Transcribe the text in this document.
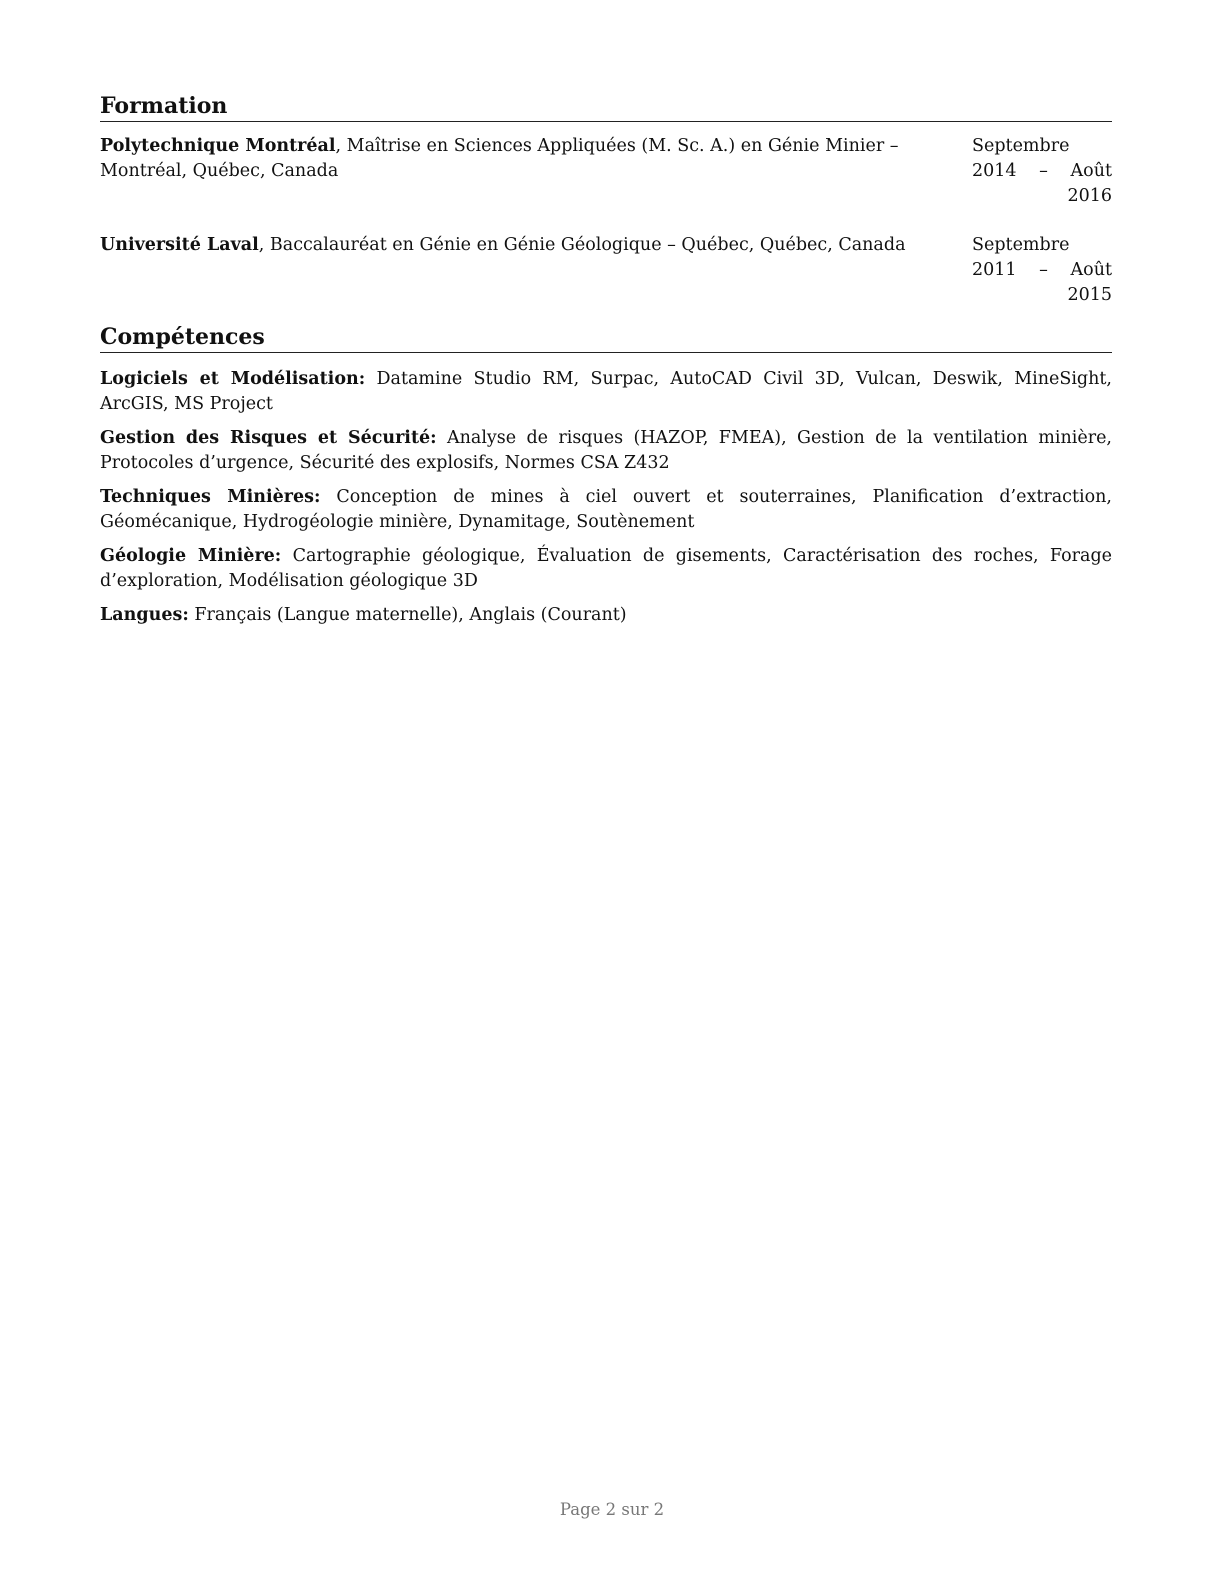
Formation
Polytechnique Montréal, Maîtrise en Sciences Appliquées (M. Sc. A.) en Génie Minier – Montréal, Québec, Canada
Septembre 2014 – Août 2016
Université Laval, Baccalauréat en Génie en Génie Géologique – Québec, Québec, Canada	Septembre 2011 – Août 2015
Compétences
Logiciels et Modélisation: Datamine Studio RM, Surpac, AutoCAD Civil 3D, Vulcan, Deswik, MineSight, ArcGIS, MS Project
Gestion des Risques et Sécurité: Analyse de risques (HAZOP, FMEA), Gestion de la ventilation minière, Protocoles d’urgence, Sécurité des explosifs, Normes CSA Z432
Techniques Minières: Conception de mines à ciel ouvert et souterraines, Planification d’extraction, Géomécanique, Hydrogéologie minière, Dynamitage, Soutènement
Géologie Minière: Cartographie géologique, Évaluation de gisements, Caractérisation des roches, Forage d’exploration, Modélisation géologique 3D
Langues: Français (Langue maternelle), Anglais (Courant)
Page 2 sur 2
